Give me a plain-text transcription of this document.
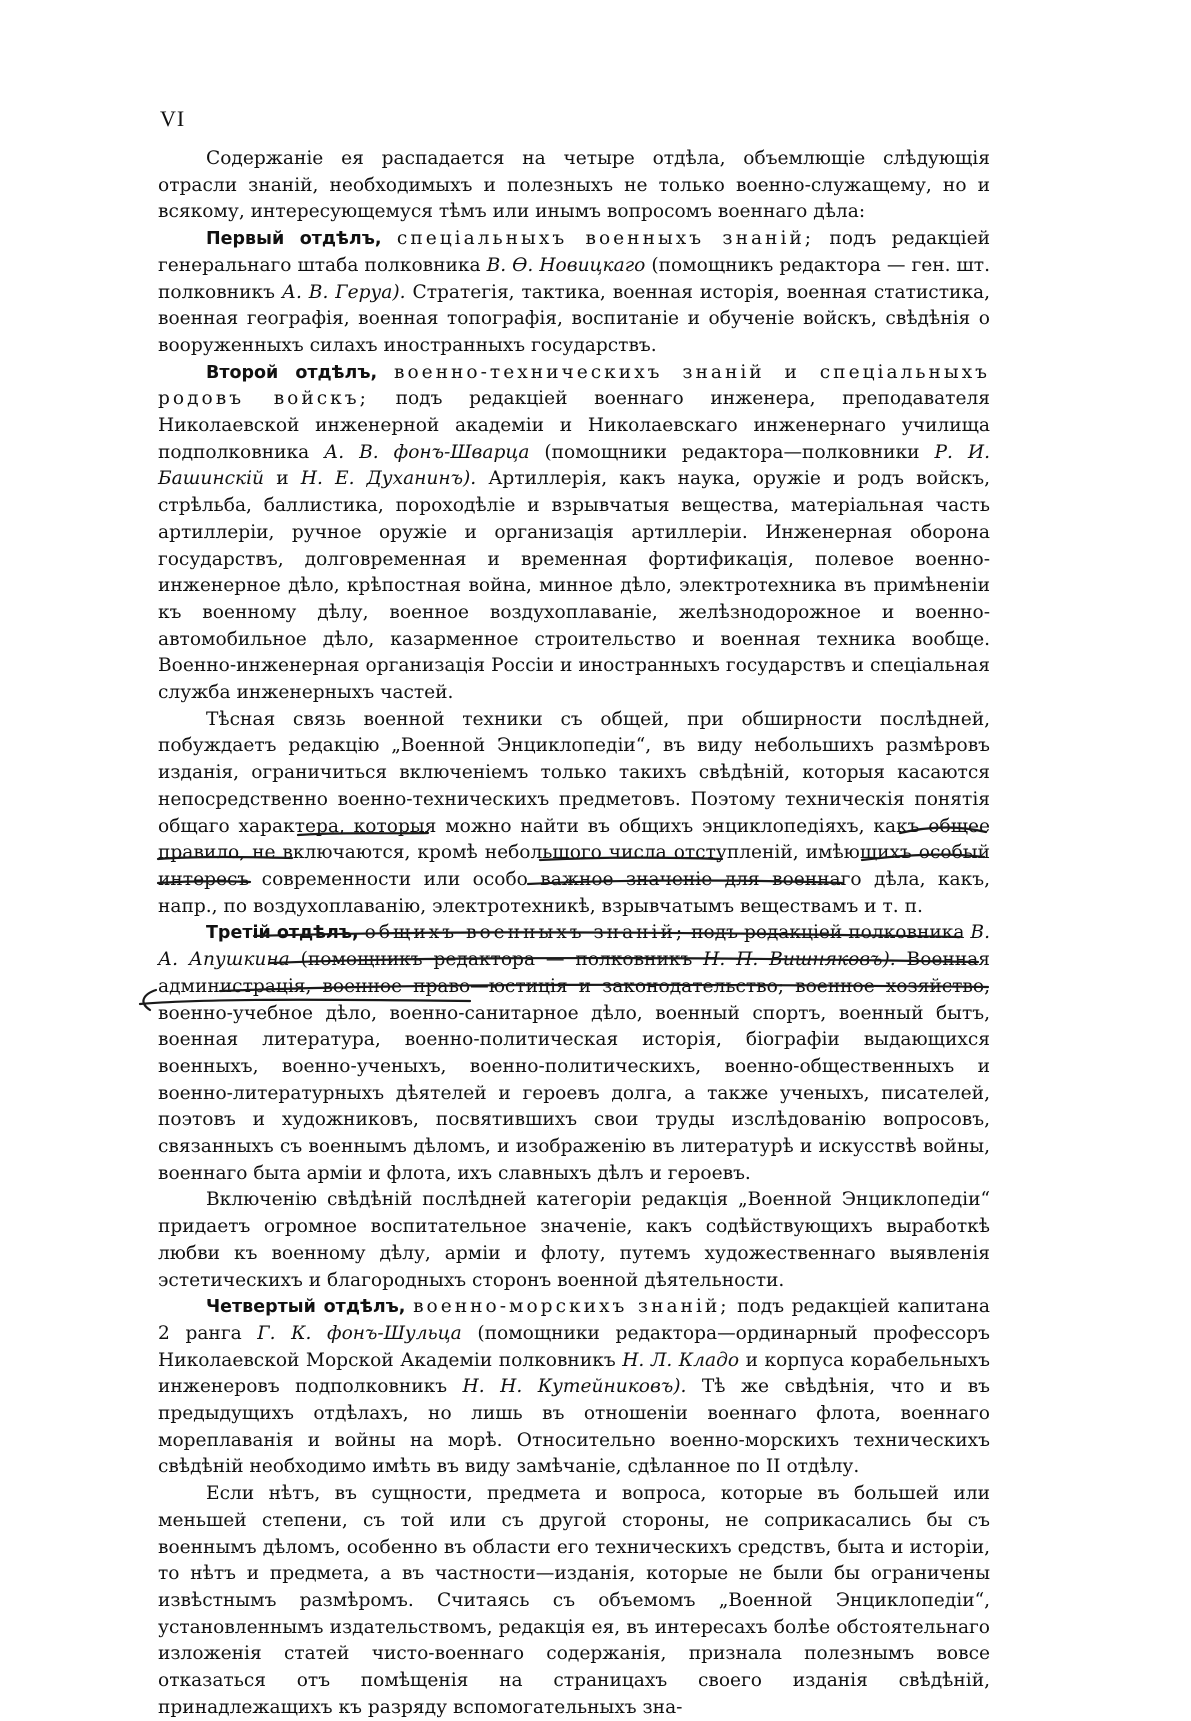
VI

Содержаніе ея распадается на четыре отдѣла, объемлющіе слѣдующія отрасли знаній, необходимыхъ и полезныхъ не только военно-служащему, но и всякому, интересующемуся тѣмъ или инымъ вопросомъ военнаго дѣла:

Первый отдѣлъ, спеціальныхъ военныхъ знаній; подъ редакціей генеральнаго штаба полковника В. Ѳ. Новицкаго (помощникъ редактора — ген. шт. полковникъ А. В. Геруа). Стратегія, тактика, военная исторія, военная статистика, военная географія, военная топографія, воспитаніе и обученіе войскъ, свѣдѣнія о вооруженныхъ силахъ иностранныхъ государствъ.

Второй отдѣлъ, военно-техническихъ знаній и спеціальныхъ родовъ войскъ; подъ редакціей военнаго инженера, преподавателя Николаевской инженерной академіи и Николаевскаго инженернаго училища подполковника А. В. фонъ-Шварца (помощники редактора—полковники Р. И. Башинскій и Н. Е. Духанинъ). Артиллерія, какъ наука, оружіе и родъ войскъ, стрѣльба, баллистика, пороходѣліе и взрывчатыя вещества, матеріальная часть артиллеріи, ручное оружіе и организація артиллеріи. Инженерная оборона государствъ, долговременная и временная фортификація, полевое военно-инженерное дѣло, крѣпостная война, минное дѣло, электротехника въ примѣненіи къ военному дѣлу, военное воздухоплаваніе, желѣзнодорожное и военно-автомобильное дѣло, казарменное строительство и военная техника вообще. Военно-инженерная организація Россіи и иностранныхъ государствъ и спеціальная служба инженерныхъ частей.

Тѣсная связь военной техники съ общей, при обширности послѣдней, побуждаетъ редакцію „Военной Энциклопедіи“, въ виду небольшихъ размѣровъ изданія, ограничиться включеніемъ только такихъ свѣдѣній, которыя касаются непосредственно военно-техническихъ предметовъ. Поэтому техническія понятія общаго характера, которыя можно найти въ общихъ энциклопедіяхъ, какъ общее правило, не включаются, кромѣ небольшого числа отступленій, имѣющихъ особый интересъ современности или особо важное значеніе для военнаго дѣла, какъ, напр., по воздухоплаванію, электротехникѣ, взрывчатымъ веществамъ и т. п.

Третій отдѣлъ, общихъ военныхъ знаній; подъ редакціей полковника В. А. Апушкина (помощникъ редактора — полковникъ Н. П. Вишняковъ). Военная администрація, военное право—юстиція и законодательство; военное хозяйство, военно-учебное дѣло, военно-санитарное дѣло, военный спортъ, военный бытъ, военная литература, военно-политическая исторія, біографіи выдающихся военныхъ, военно-ученыхъ, военно-политическихъ, военно-общественныхъ и военно-литературныхъ дѣятелей и героевъ долга, а также ученыхъ, писателей, поэтовъ и художниковъ, посвятившихъ свои труды изслѣдованію вопросовъ, связанныхъ съ военнымъ дѣломъ, и изображенію въ литературѣ и искусствѣ войны, военнаго быта арміи и флота, ихъ славныхъ дѣлъ и героевъ.

Включенію свѣдѣній послѣдней категоріи редакція „Военной Энциклопедіи“ придаетъ огромное воспитательное значеніе, какъ содѣйствующихъ выработкѣ любви къ военному дѣлу, арміи и флоту, путемъ художественнаго выявленія эстетическихъ и благородныхъ сторонъ военной дѣятельности.

Четвертый отдѣлъ, военно-морскихъ знаній; подъ редакціей капитана 2 ранга Г. К. фонъ-Шульца (помощники редактора—ординарный профессоръ Николаевской Морской Академіи полковникъ Н. Л. Кладо и корпуса корабельныхъ инженеровъ подполковникъ Н. Н. Кутейниковъ). Тѣ же свѣдѣнія, что и въ предыдущихъ отдѣлахъ, но лишь въ отношеніи военнаго флота, военнаго мореплаванія и войны на морѣ. Относительно военно-морскихъ техническихъ свѣдѣній необходимо имѣть въ виду замѣчаніе, сдѣланное по II отдѣлу.

Если нѣтъ, въ сущности, предмета и вопроса, которые въ большей или меньшей степени, съ той или съ другой стороны, не соприкасались бы съ военнымъ дѣломъ, особенно въ области его техническихъ средствъ, быта и исторіи, то нѣтъ и предмета, а въ частности—изданія, которые не были бы ограничены извѣстнымъ размѣромъ. Считаясь съ объемомъ „Военной Энциклопедіи“, установленнымъ издательствомъ, редакція ея, въ интересахъ болѣе обстоятельнаго изложенія статей чисто-военнаго содержанія, признала полезнымъ вовсе отказаться отъ помѣщенія на страницахъ своего изданія свѣдѣній, принадлежащихъ къ разряду вспомогательныхъ зна-
